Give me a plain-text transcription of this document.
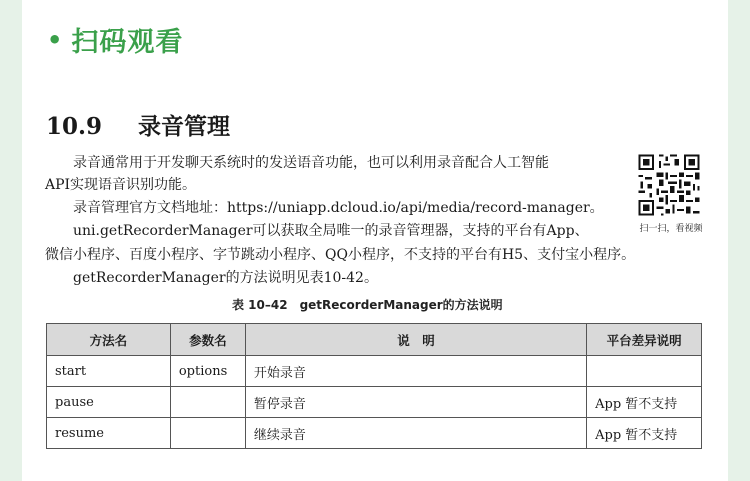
• 扫码观看
10.9 录音管理
　　录音通常用于开发聊天系统时的发送语音功能，也可以利用录音配合人工智能
API实现语音识别功能。
　　录音管理官方文档地址：https://uniapp.dcloud.io/api/media/record-manager。
　　uni.getRecorderManager可以获取全局唯一的录音管理器，支持的平台有App、
微信小程序、百度小程序、字节跳动小程序、QQ小程序，不支持的平台有H5、支付宝小程序。
　　getRecorderManager的方法说明见表10-42。
扫一扫，看视频
表 10–42　getRecorderManager的方法说明
方法名	参数名	说　明	平台差异说明
start	options	开始录音	
pause		暂停录音	App 暂不支持
resume		继续录音	App 暂不支持
